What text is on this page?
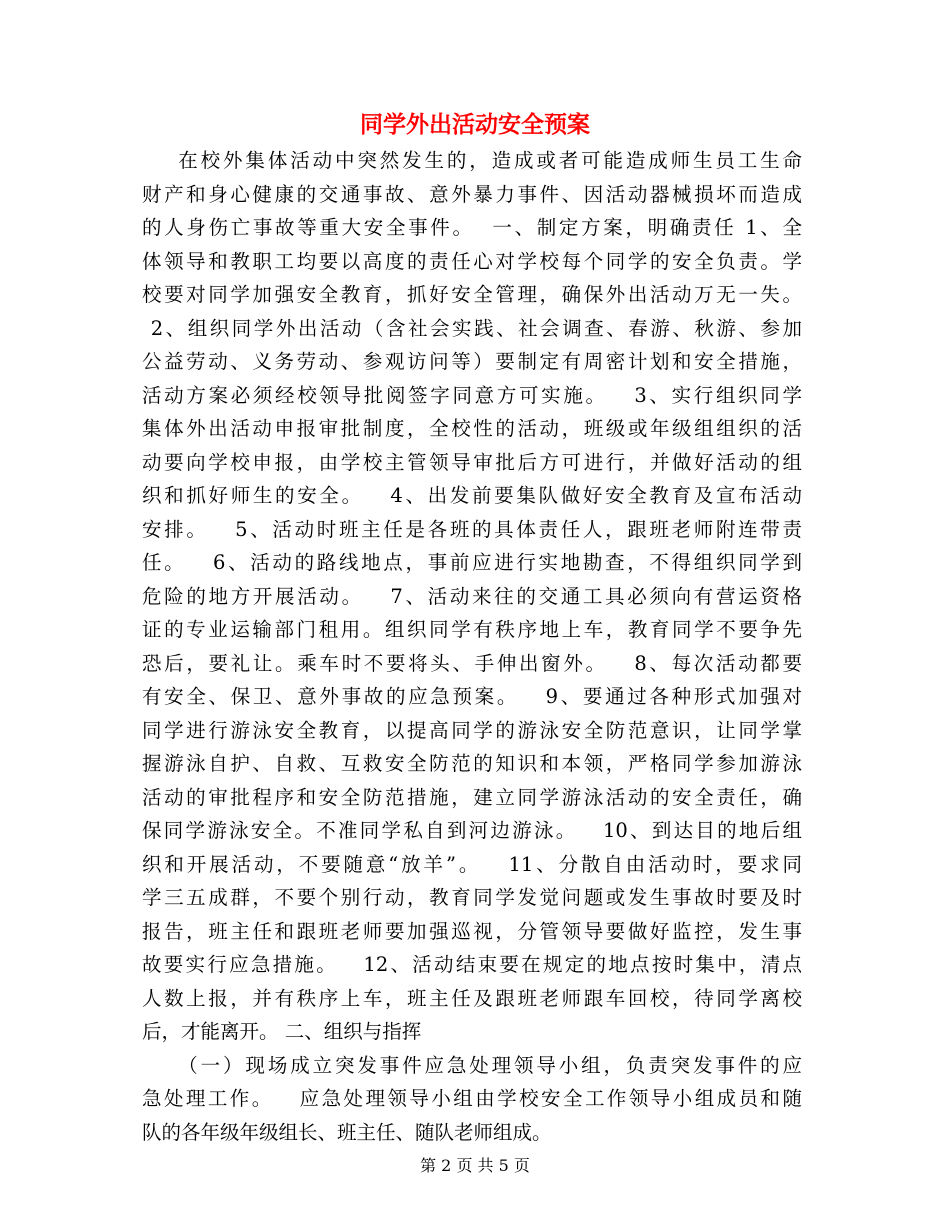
同学外出活动安全预案
在校外集体活动中突然发生的，造成或者可能造成师生员工生命
财产和身心健康的交通事故、意外暴力事件、因活动器械损坏而造成
的人身伤亡事故等重大安全事件。  一、制定方案，明确责任 1、全
体领导和教职工均要以高度的责任心对学校每个同学的安全负责。学
校要对同学加强安全教育，抓好安全管理，确保外出活动万无一失。
2、组织同学外出活动（含社会实践、社会调查、春游、秋游、参加
公益劳动、义务劳动、参观访问等）要制定有周密计划和安全措施，
活动方案必须经校领导批阅签字同意方可实施。   3、实行组织同学
集体外出活动申报审批制度，全校性的活动，班级或年级组组织的活
动要向学校申报，由学校主管领导审批后方可进行，并做好活动的组
织和抓好师生的安全。   4、出发前要集队做好安全教育及宣布活动
安排。   5、活动时班主任是各班的具体责任人，跟班老师附连带责
任。   6、活动的路线地点，事前应进行实地勘查，不得组织同学到
危险的地方开展活动。   7、活动来往的交通工具必须向有营运资格
证的专业运输部门租用。组织同学有秩序地上车，教育同学不要争先
恐后，要礼让。乘车时不要将头、手伸出窗外。   8、每次活动都要
有安全、保卫、意外事故的应急预案。   9、要通过各种形式加强对
同学进行游泳安全教育，以提高同学的游泳安全防范意识，让同学掌
握游泳自护、自救、互救安全防范的知识和本领，严格同学参加游泳
活动的审批程序和安全防范措施，建立同学游泳活动的安全责任，确
保同学游泳安全。不准同学私自到河边游泳。   10、到达目的地后组
织和开展活动，不要随意“放羊”。   11、分散自由活动时，要求同
学三五成群，不要个别行动，教育同学发觉问题或发生事故时要及时
报告，班主任和跟班老师要加强巡视，分管领导要做好监控，发生事
故要实行应急措施。   12、活动结束要在规定的地点按时集中，清点
人数上报，并有秩序上车，班主任及跟班老师跟车回校，待同学离校
后，才能离开。 二、组织与指挥
（一）现场成立突发事件应急处理领导小组，负责突发事件的应
急处理工作。   应急处理领导小组由学校安全工作领导小组成员和随
队的各年级年级组长、班主任、随队老师组成。
第 2 页 共 5 页
